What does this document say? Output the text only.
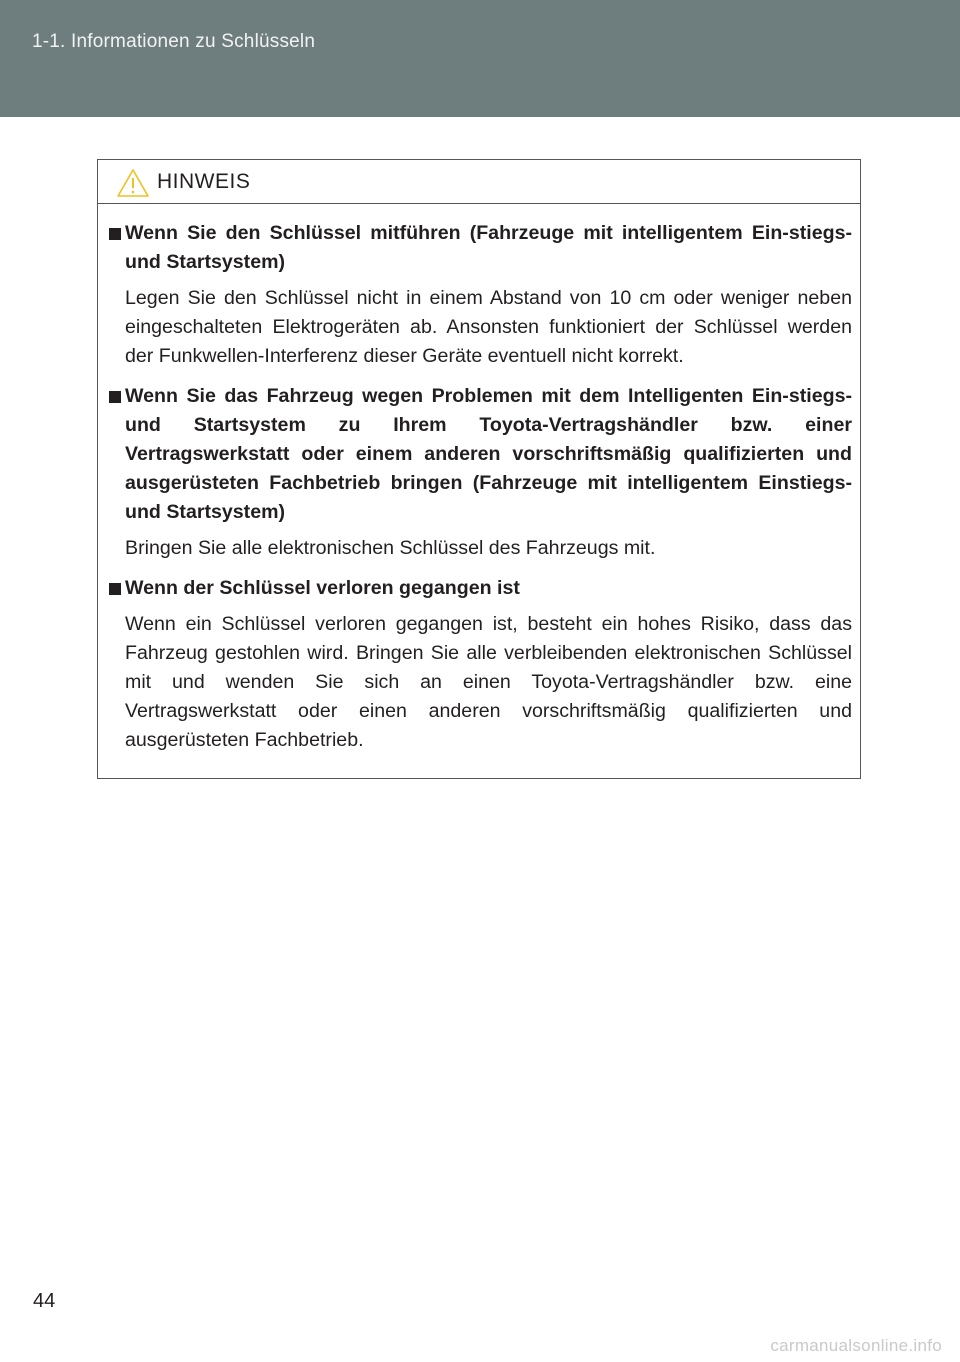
1-1. Informationen zu Schlüsseln
HINWEIS
Wenn Sie den Schlüssel mitführen (Fahrzeuge mit intelligentem Ein-stiegs- und Startsystem)
Legen Sie den Schlüssel nicht in einem Abstand von 10 cm oder weniger neben eingeschalteten Elektrogeräten ab. Ansonsten funktioniert der Schlüssel werden der Funkwellen-Interferenz dieser Geräte eventuell nicht korrekt.
Wenn Sie das Fahrzeug wegen Problemen mit dem Intelligenten Ein-stiegs- und Startsystem zu Ihrem Toyota-Vertragshändler bzw. einer Vertragswerkstatt oder einem anderen vorschriftsmäßig qualifizierten und ausgerüsteten Fachbetrieb bringen (Fahrzeuge mit intelligentem Einstiegs- und Startsystem)
Bringen Sie alle elektronischen Schlüssel des Fahrzeugs mit.
Wenn der Schlüssel verloren gegangen ist
Wenn ein Schlüssel verloren gegangen ist, besteht ein hohes Risiko, dass das Fahrzeug gestohlen wird. Bringen Sie alle verbleibenden elektronischen Schlüssel mit und wenden Sie sich an einen Toyota-Vertragshändler bzw. eine Vertragswerkstatt oder einen anderen vorschriftsmäßig qualifizierten und ausgerüsteten Fachbetrieb.
44
carmanualsonline.info
